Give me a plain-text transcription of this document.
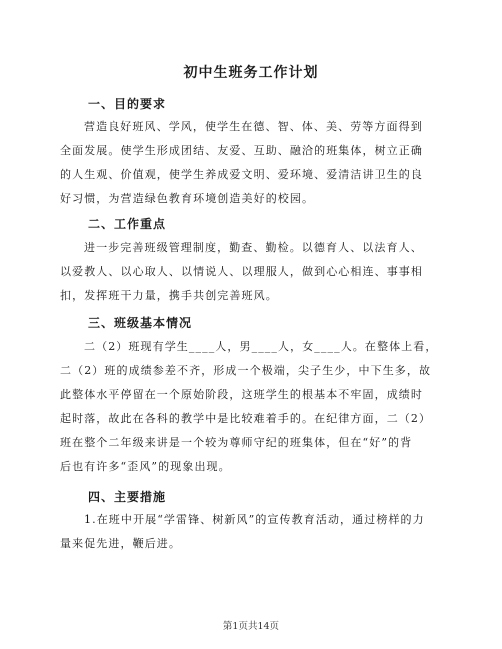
初中生班务工作计划
一、目的要求
营造良好班风、学风，使学生在德、智、体、美、劳等方面得到
全面发展。使学生形成团结、友爱、互助、融洽的班集体，树立正确
的人生观、价值观，使学生养成爱文明、爱环境、爱清洁讲卫生的良
好习惯，为营造绿色教育环境创造美好的校园。
二、工作重点
进一步完善班级管理制度，勤查、勤检。以德育人、以法育人、
以爱教人、以心取人、以情说人、以理服人，做到心心相连、事事相
扣，发挥班干力量，携手共创完善班风。
三、班级基本情况
二（2）班现有学生____人，男____人，女____人。在整体上看，
二（2）班的成绩参差不齐，形成一个极端，尖子生少，中下生多，故
此整体水平停留在一个原始阶段，这班学生的根基本不牢固，成绩时
起时落，故此在各科的教学中是比较难着手的。在纪律方面，二（2）
班在整个二年级来讲是一个较为尊师守纪的班集体，但在“好”的背
后也有许多“歪风”的现象出现。
四、主要措施
1.在班中开展“学雷锋、树新风”的宣传教育活动，通过榜样的力
量来促先进，鞭后进。
第1页共14页
